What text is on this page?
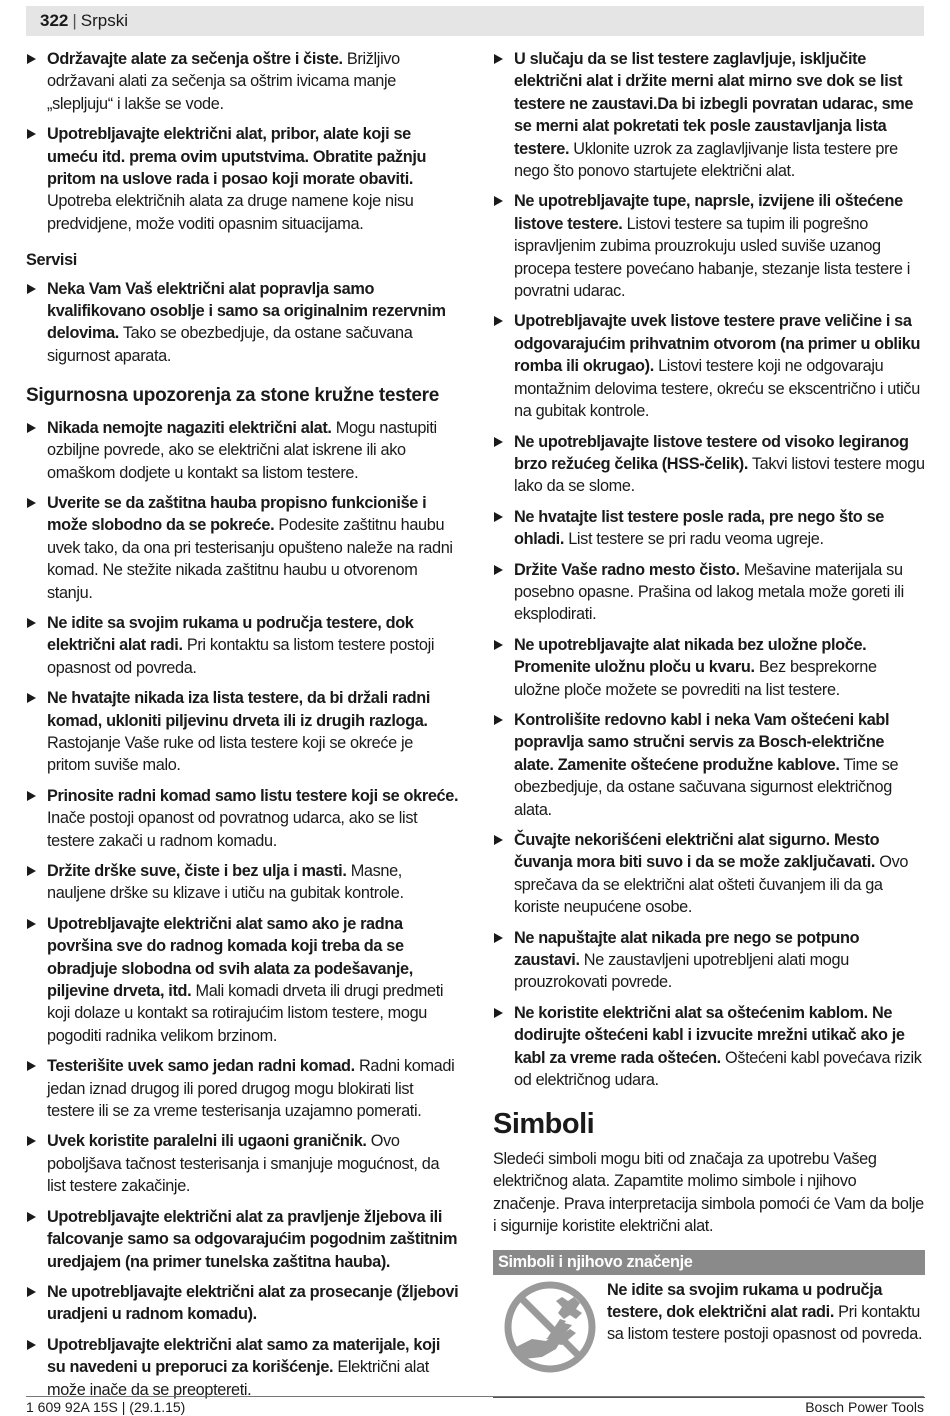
322 | Srpski
Održavajte alate za sečenja oštre i čiste. Brižljivo održavani alati za sečenja sa oštrim ivicama manje „slepljuju“ i lakše se vode.
Upotrebljavajte električni alat, pribor, alate koji se umeću itd. prema ovim uputstvima. Obratite pažnju pritom na uslove rada i posao koji morate obaviti. Upotreba električnih alata za druge namene koje nisu predvidjene, može voditi opasnim situacijama.
Servisi
Neka Vam Vaš električni alat popravlja samo kvalifikovano osoblje i samo sa originalnim rezervnim delovima. Tako se obezbedjuje, da ostane sačuvana sigurnost aparata.
Sigurnosna upozorenja za stone kružne testere
Nikada nemojte nagaziti električni alat. Mogu nastupiti ozbiljne povrede, ako se električni alat iskrene ili ako omaškom dodjete u kontakt sa listom testere.
Uverite se da zaštitna hauba propisno funkcioniše i može slobodno da se pokreće. Podesite zaštitnu haubu uvek tako, da ona pri testerisanju opušteno naleže na radni komad. Ne stežite nikada zaštitnu haubu u otvorenom stanju.
Ne idite sa svojim rukama u područja testere, dok električni alat radi. Pri kontaktu sa listom testere postoji opasnost od povreda.
Ne hvatajte nikada iza lista testere, da bi držali radni komad, ukloniti piljevinu drveta ili iz drugih razloga. Rastojanje Vaše ruke od lista testere koji se okreće je pritom suviše malo.
Prinosite radni komad samo listu testere koji se okreće. Inače postoji opanost od povratnog udarca, ako se list testere zakači u radnom komadu.
Držite drške suve, čiste i bez ulja i masti. Masne, nauljene drške su klizave i utiču na gubitak kontrole.
Upotrebljavajte električni alat samo ako je radna površina sve do radnog komada koji treba da se obradjuje slobodna od svih alata za podešavanje, piljevine drveta, itd. Mali komadi drveta ili drugi predmeti koji dolaze u kontakt sa rotirajućim listom testere, mogu pogoditi radnika velikom brzinom.
Testerišite uvek samo jedan radni komad. Radni komadi jedan iznad drugog ili pored drugog mogu blokirati list testere ili se za vreme testerisanja uzajamno pomerati.
Uvek koristite paralelni ili ugaoni graničnik. Ovo poboljšava tačnost testerisanja i smanjuje mogućnost, da list testere zakačinje.
Upotrebljavajte električni alat za pravljenje žljebova ili falcovanje samo sa odgovarajućim pogodnim zaštitnim uredjajem (na primer tunelska zaštitna hauba).
Ne upotrebljavajte električni alat za prosecanje (žljebovi uradjeni u radnom komadu).
Upotrebljavajte električni alat samo za materijale, koji su navedeni u preporuci za korišćenje. Električni alat može inače da se preoptereti.
U slučaju da se list testere zaglavljuje, isključite električni alat i držite merni alat mirno sve dok se list testere ne zaustavi.Da bi izbegli povratan udarac, sme se merni alat pokretati tek posle zaustavljanja lista testere. Uklonite uzrok za zaglavljivanje lista testere pre nego što ponovo startujete električni alat.
Ne upotrebljavajte tupe, naprsle, izvijene ili oštećene listove testere. Listovi testere sa tupim ili pogrešno ispravljenim zubima prouzrokuju usled suviše uzanog procepa testere povećano habanje, stezanje lista testere i povratni udarac.
Upotrebljavajte uvek listove testere prave veličine i sa odgovarajućim prihvatnim otvorom (na primer u obliku romba ili okrugao). Listovi testere koji ne odgovaraju montažnim delovima testere, okreću se ekscentrično i utiču na gubitak kontrole.
Ne upotrebljavajte listove testere od visoko legiranog brzo režućeg čelika (HSS-čelik). Takvi listovi testere mogu lako da se slome.
Ne hvatajte list testere posle rada, pre nego što se ohladi. List testere se pri radu veoma ugreje.
Držite Vaše radno mesto čisto. Mešavine materijala su posebno opasne. Prašina od lakog metala može goreti ili eksplodirati.
Ne upotrebljavajte alat nikada bez uložne ploče. Promenite uložnu ploču u kvaru. Bez besprekorne uložne ploče možete se povrediti na list testere.
Kontrolišite redovno kabl i neka Vam oštećeni kabl popravlja samo stručni servis za Bosch-električne alate. Zamenite oštećene produžne kablove. Time se obezbedjuje, da ostane sačuvana sigurnost električnog alata.
Čuvajte nekorišćeni električni alat sigurno. Mesto čuvanja mora biti suvo i da se može zaključavati. Ovo sprečava da se električni alat ošteti čuvanjem ili da ga koriste neupućene osobe.
Ne napuštajte alat nikada pre nego se potpuno zaustavi. Ne zaustavljeni upotrebljeni alati mogu prouzrokovati povrede.
Ne koristite električni alat sa oštećenim kablom. Ne dodirujte oštećeni kabl i izvucite mrežni utikač ako je kabl za vreme rada oštećen. Oštećeni kabl povećava rizik od električnog udara.
Simboli
Sledeći simboli mogu biti od značaja za upotrebu Vašeg električnog alata. Zapamtite molimo simbole i njihovo značenje. Prava interpretacija simbola pomoći će Vam da bolje i sigurnije koristite električni alat.
Simboli i njihovo značenje
Ne idite sa svojim rukama u područja testere, dok električni alat radi. Pri kontaktu sa listom testere postoji opasnost od povreda.
1 609 92A 15S | (29.1.15)	Bosch Power Tools
